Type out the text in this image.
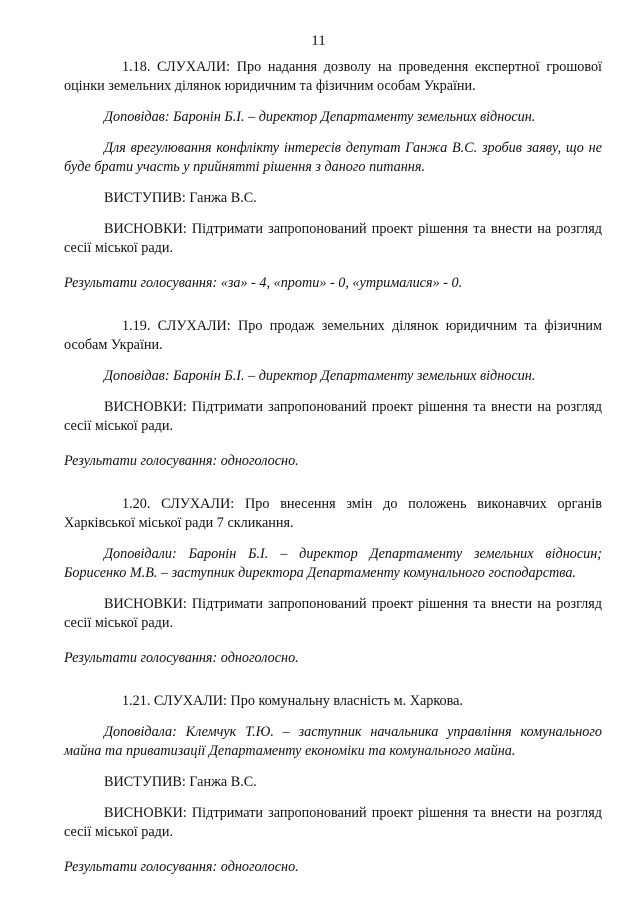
11

1.18. СЛУХАЛИ: Про надання дозволу на проведення експертної грошової оцінки земельних ділянок юридичним та фізичним особам України.

Доповідав: Баронін Б.І. – директор Департаменту земельних відносин.

Для врегулювання конфлікту інтересів депутат Ганжа В.С. зробив заяву, що не буде брати участь у прийнятті рішення з даного питання.

ВИСТУПИВ: Ганжа В.С.

ВИСНОВКИ: Підтримати запропонований проект рішення та внести на розгляд сесії міської ради.

Результати голосування: «за» - 4, «проти» - 0, «утрималися» - 0.

1.19. СЛУХАЛИ: Про продаж земельних ділянок юридичним та фізичним особам України.

Доповідав: Баронін Б.І. – директор Департаменту земельних відносин.

ВИСНОВКИ: Підтримати запропонований проект рішення та внести на розгляд сесії міської ради.

Результати голосування: одноголосно.

1.20. СЛУХАЛИ: Про внесення змін до положень виконавчих органів Харківської міської ради 7 скликання.

Доповідали: Баронін Б.І. – директор Департаменту земельних відносин; Борисенко М.В. – заступник директора Департаменту комунального господарства.

ВИСНОВКИ: Підтримати запропонований проект рішення та внести на розгляд сесії міської ради.

Результати голосування: одноголосно.

1.21. СЛУХАЛИ: Про комунальну власність м. Харкова.

Доповідала: Клемчук Т.Ю. – заступник начальника управління комунального майна та приватизації Департаменту економіки та комунального майна.

ВИСТУПИВ: Ганжа В.С.

ВИСНОВКИ: Підтримати запропонований проект рішення та внести на розгляд сесії міської ради.

Результати голосування: одноголосно.
